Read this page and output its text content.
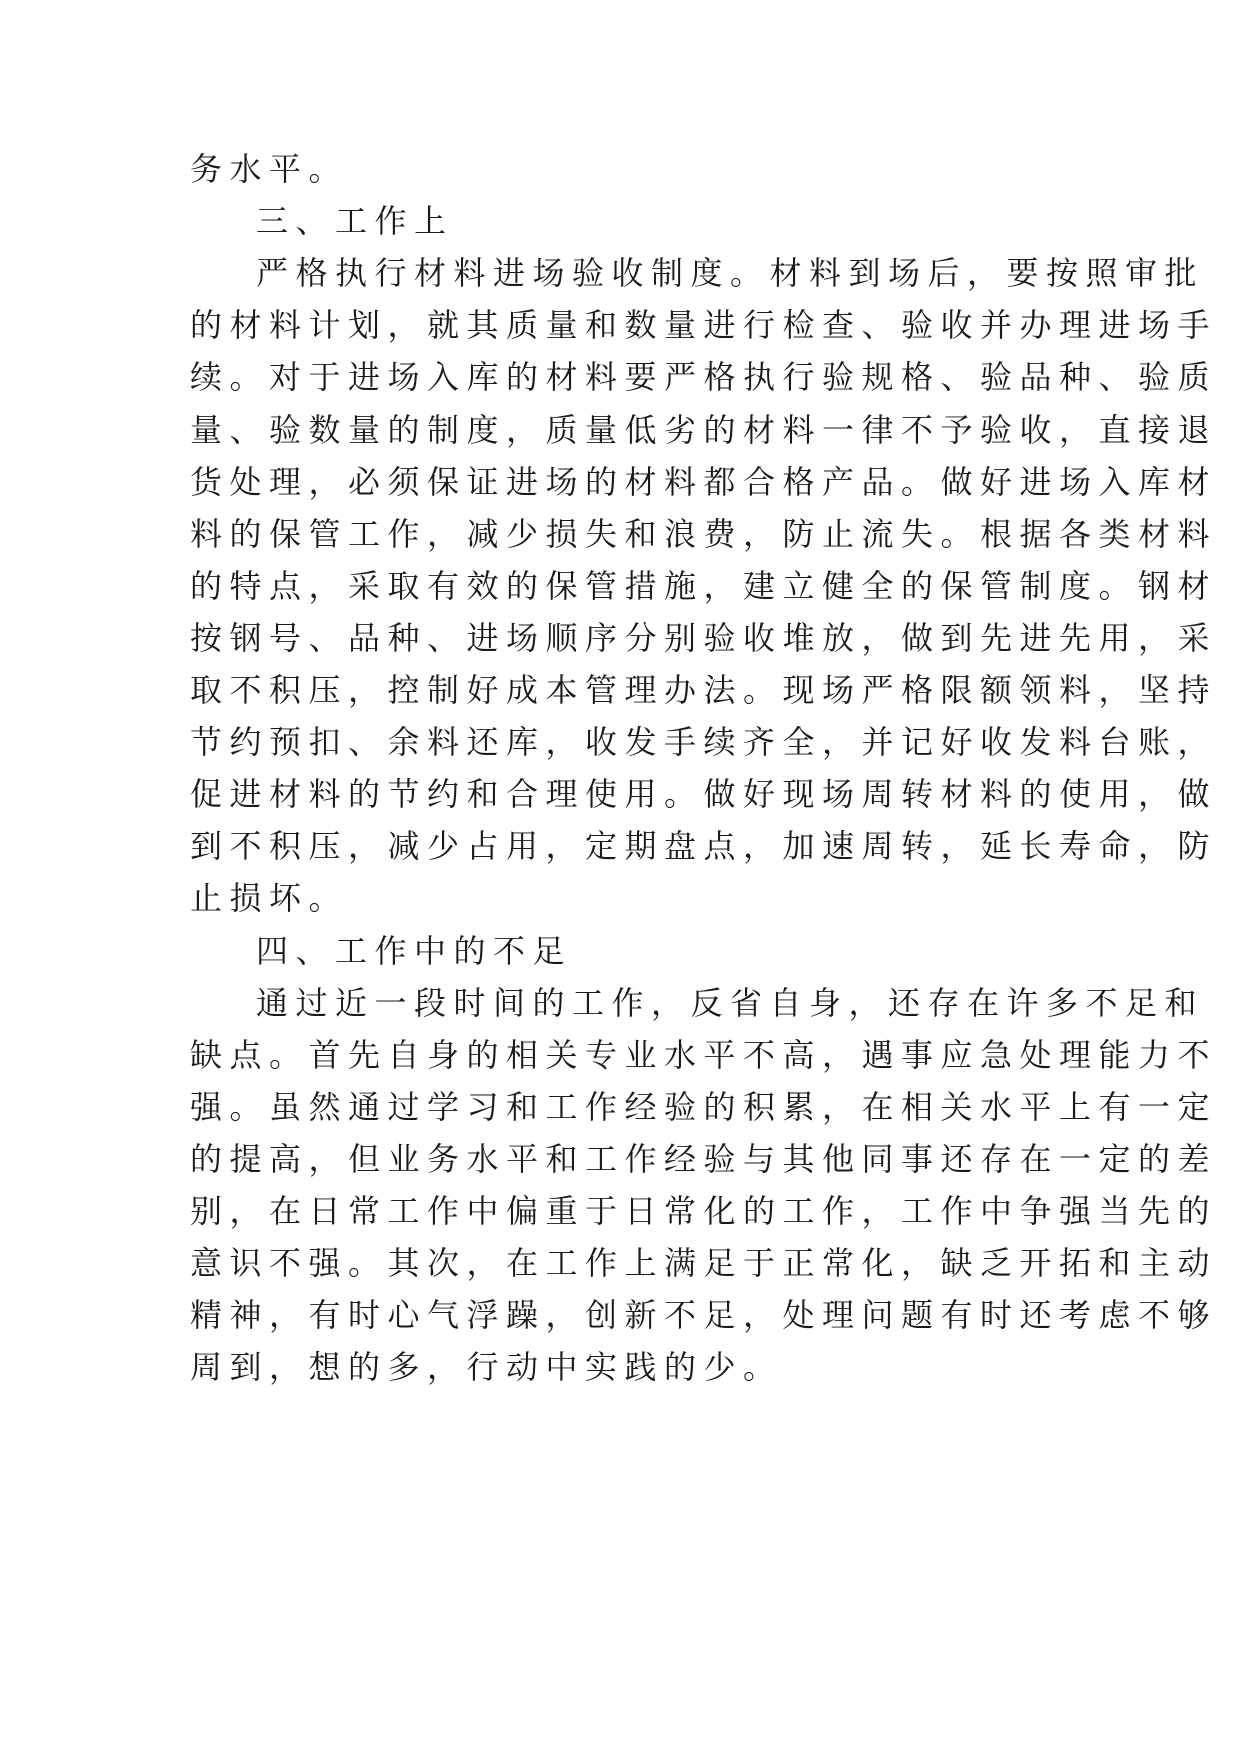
务水平。
三、工作上
严格执行材料进场验收制度。材料到场后，要按照审批
的材料计划，就其质量和数量进行检查、验收并办理进场手
续。对于进场入库的材料要严格执行验规格、验品种、验质
量、验数量的制度，质量低劣的材料一律不予验收，直接退
货处理，必须保证进场的材料都合格产品。做好进场入库材
料的保管工作，减少损失和浪费，防止流失。根据各类材料
的特点，采取有效的保管措施，建立健全的保管制度。钢材
按钢号、品种、进场顺序分别验收堆放，做到先进先用，采
取不积压，控制好成本管理办法。现场严格限额领料，坚持
节约预扣、余料还库，收发手续齐全，并记好收发料台账，
促进材料的节约和合理使用。做好现场周转材料的使用，做
到不积压，减少占用，定期盘点，加速周转，延长寿命，防
止损坏。
四、工作中的不足
通过近一段时间的工作，反省自身，还存在许多不足和
缺点。首先自身的相关专业水平不高，遇事应急处理能力不
强。虽然通过学习和工作经验的积累，在相关水平上有一定
的提高，但业务水平和工作经验与其他同事还存在一定的差
别，在日常工作中偏重于日常化的工作，工作中争强当先的
意识不强。其次，在工作上满足于正常化，缺乏开拓和主动
精神，有时心气浮躁，创新不足，处理问题有时还考虑不够
周到，想的多，行动中实践的少。
